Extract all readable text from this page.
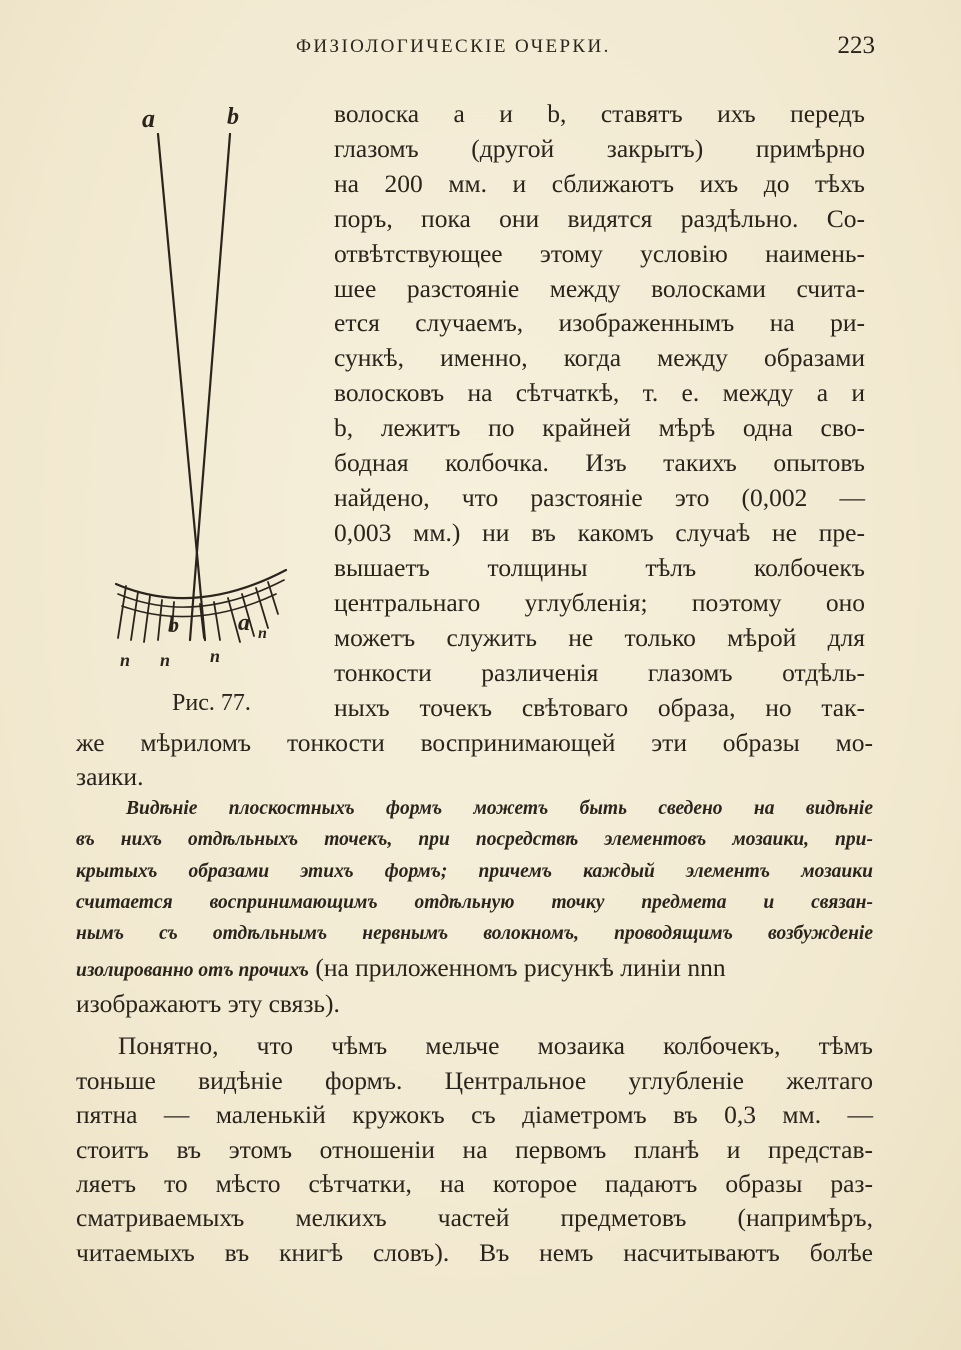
ФИЗIОЛОГИЧЕСКIЕ ОЧЕРКИ.	223
a	b
b a n
n n n
Рис. 77.
волоска a и b, ставятъ ихъ передъ
глазомъ (другой закрытъ) примѣрно
на 200 мм. и сближаютъ ихъ до тѣхъ
поръ, пока они видятся раздѣльно. Со-
отвѣтствующее этому условiю наимень-
шее разстоянiе между волосками счита-
ется случаемъ, изображеннымъ на ри-
сункѣ, именно, когда между образами
волосковъ на сѣтчаткѣ, т. е. между a и
b, лежитъ по крайней мѣрѣ одна сво-
бодная колбочка. Изъ такихъ опытовъ
найдено, что разстоянiе это (0,002 —
0,003 мм.) ни въ какомъ случаѣ не пре-
вышаетъ толщины тѣлъ колбочекъ
центральнаго углубленiя; поэтому оно
можетъ служить не только мѣрой для
тонкости различенiя глазомъ отдѣль-
ныхъ точекъ свѣтоваго образа, но так-
же мѣриломъ тонкости воспринимающей эти образы мо-
заики.
Видѣнiе плоскостныхъ формъ можетъ быть сведено на видѣнiе
въ нихъ отдѣльныхъ точекъ, при посредствѣ элементовъ мозаики, при-
крытыхъ образами этихъ формъ; причемъ каждый элементъ мозаики
считается воспринимающимъ отдѣльную точку предмета и связан-
нымъ съ отдѣльнымъ нервнымъ волокномъ, проводящимъ возбужденiе
изолированно отъ прочихъ (на приложенномъ рисункѣ линiи nnn
изображаютъ эту связь).
Понятно, что чѣмъ мельче мозаика колбочекъ, тѣмъ
тоньше видѣнiе формъ. Центральное углубленiе желтаго
пятна — маленькiй кружокъ съ дiаметромъ въ 0,3 мм. —
стоитъ въ этомъ отношенiи на первомъ планѣ и представ-
ляетъ то мѣсто сѣтчатки, на которое падаютъ образы раз-
сматриваемыхъ мелкихъ частей предметовъ (напримѣръ,
читаемыхъ въ книгѣ словъ). Въ немъ насчитываютъ болѣе
